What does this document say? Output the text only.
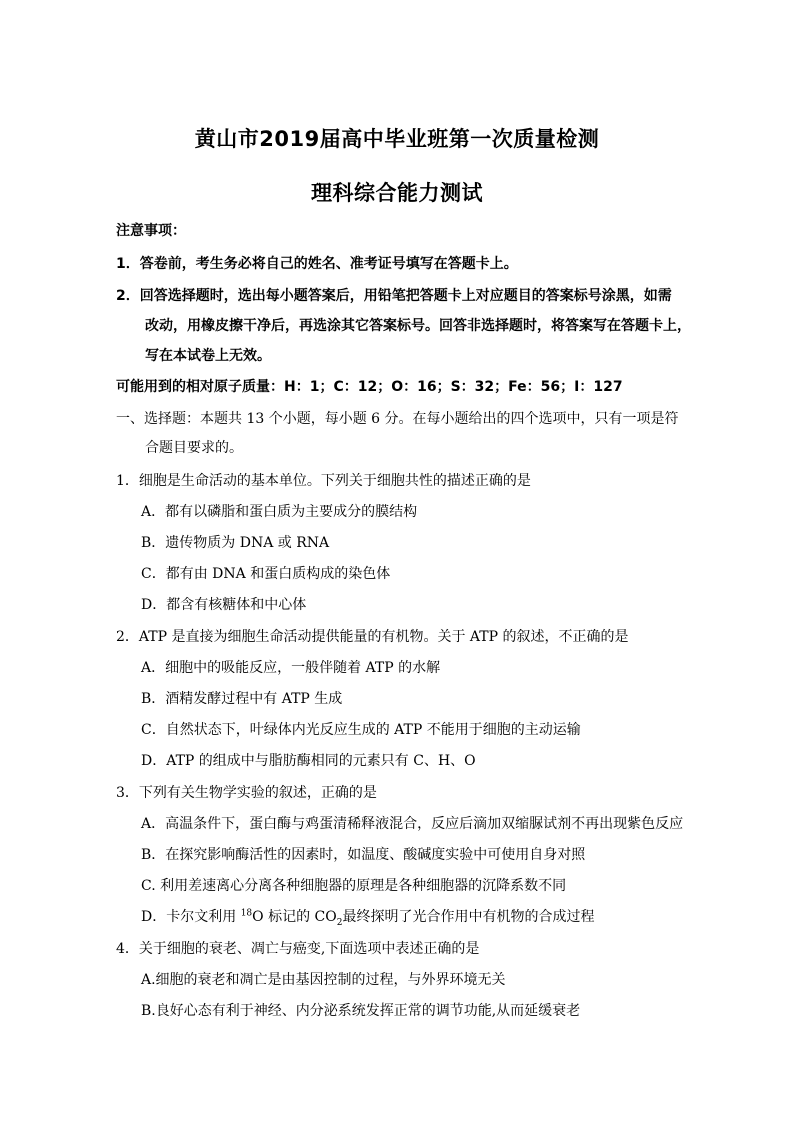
黄山市2019届高中毕业班第一次质量检测
理科综合能力测试
注意事项：
1．答卷前，考生务必将自己的姓名、准考证号填写在答题卡上。
2．回答选择题时，选出每小题答案后，用铅笔把答题卡上对应题目的答案标号涂黑，如需
改动，用橡皮擦干净后，再选涂其它答案标号。回答非选择题时，将答案写在答题卡上，
写在本试卷上无效。
可能用到的相对原子质量：H：1；C：12；O：16；S：32；Fe：56；I：127
一、选择题：本题共 13 个小题，每小题 6 分。在每小题给出的四个选项中，只有一项是符
合题目要求的。
1．细胞是生命活动的基本单位。下列关于细胞共性的描述正确的是
A．都有以磷脂和蛋白质为主要成分的膜结构
B．遗传物质为 DNA 或 RNA
C．都有由 DNA 和蛋白质构成的染色体
D．都含有核糖体和中心体
2．ATP 是直接为细胞生命活动提供能量的有机物。关于 ATP 的叙述，不正确的是
A．细胞中的吸能反应，一般伴随着 ATP 的水解
B．酒精发酵过程中有 ATP 生成
C．自然状态下，叶绿体内光反应生成的 ATP 不能用于细胞的主动运输
D．ATP 的组成中与脂肪酶相同的元素只有 C、H、O
3．下列有关生物学实验的叙述，正确的是
A．高温条件下，蛋白酶与鸡蛋清稀释液混合，反应后滴加双缩脲试剂不再出现紫色反应
B．在探究影响酶活性的因素时，如温度、酸碱度实验中可使用自身对照
C. 利用差速离心分离各种细胞器的原理是各种细胞器的沉降系数不同
D．卡尔文利用 $^{18}$O 标记的 $CO_2$最终探明了光合作用中有机物的合成过程
4．关于细胞的衰老、凋亡与癌变,下面选项中表述正确的是
A.细胞的衰老和凋亡是由基因控制的过程，与外界环境无关
B.良好心态有利于神经、内分泌系统发挥正常的调节功能,从而延缓衰老
